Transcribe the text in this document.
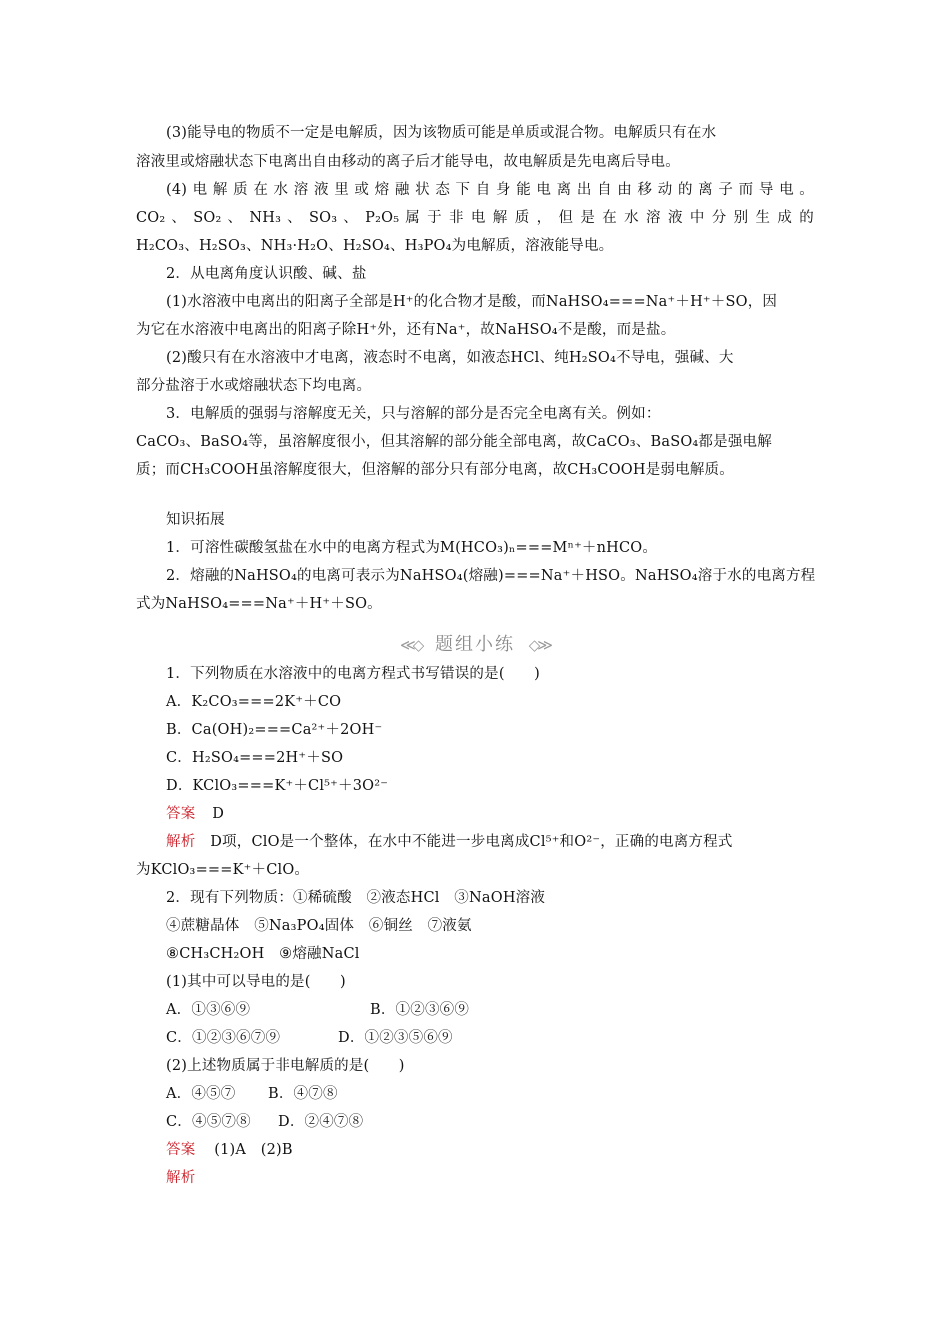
(3)能导电的物质不一定是电解质，因为该物质可能是单质或混合物。电解质只有在水
溶液里或熔融状态下电离出自由移动的离子后才能导电，故电解质是先电离后导电。
(4)电解质在水溶液里或熔融状态下自身能电离出自由移动的离子而导电。
CO₂ 、 SO₂ 、 NH₃ 、 SO₃ 、 P₂O₅ 属 于 非 电 解 质 ， 但 是 在 水 溶 液 中 分 别 生 成 的
H₂CO₃、H₂SO₃、NH₃·H₂O、H₂SO₄、H₃PO₄为电解质，溶液能导电。
2．从电离角度认识酸、碱、盐
(1)水溶液中电离出的阳离子全部是H⁺的化合物才是酸，而NaHSO₄===Na⁺＋H⁺＋SO，因
为它在水溶液中电离出的阳离子除H⁺外，还有Na⁺，故NaHSO₄不是酸，而是盐。
(2)酸只有在水溶液中才电离，液态时不电离，如液态HCl、纯H₂SO₄不导电，强碱、大
部分盐溶于水或熔融状态下均电离。
3．电解质的强弱与溶解度无关，只与溶解的部分是否完全电离有关。例如：
CaCO₃、BaSO₄等，虽溶解度很小，但其溶解的部分能全部电离，故CaCO₃、BaSO₄都是强电解
质；而CH₃COOH虽溶解度很大，但溶解的部分只有部分电离，故CH₃COOH是弱电解质。
知识拓展
1．可溶性碳酸氢盐在水中的电离方程式为M(HCO₃)ₙ===Mⁿ⁺＋nHCO。
2．熔融的NaHSO₄的电离可表示为NaHSO₄(熔融)===Na⁺＋HSO。NaHSO₄溶于水的电离方程
式为NaHSO₄===Na⁺＋H⁺＋SO。
≪◇ 题组小练 ◇≫
1．下列物质在水溶液中的电离方程式书写错误的是(　　)
A．K₂CO₃===2K⁺＋CO
B．Ca(OH)₂===Ca²⁺＋2OH⁻
C．H₂SO₄===2H⁺＋SO
D．KClO₃===K⁺＋Cl⁵⁺＋3O²⁻
答案 D
解析 D项，ClO是一个整体，在水中不能进一步电离成Cl⁵⁺和O²⁻，正确的电离方程式
为KClO₃===K⁺＋ClO。
2．现有下列物质：①稀硫酸　②液态HCl　③NaOH溶液
④蔗糖晶体　⑤Na₃PO₄固体　⑥铜丝　⑦液氨
⑧CH₃CH₂OH　⑨熔融NaCl
(1)其中可以导电的是(　　)
A．①③⑥⑨	B．①②③⑥⑨
C．①②③⑥⑦⑨	D．①②③⑤⑥⑨
(2)上述物质属于非电解质的是(　　)
A．④⑤⑦ B．④⑦⑧
C．④⑤⑦⑧ D．②④⑦⑧
答案 (1)A　(2)B
解析
